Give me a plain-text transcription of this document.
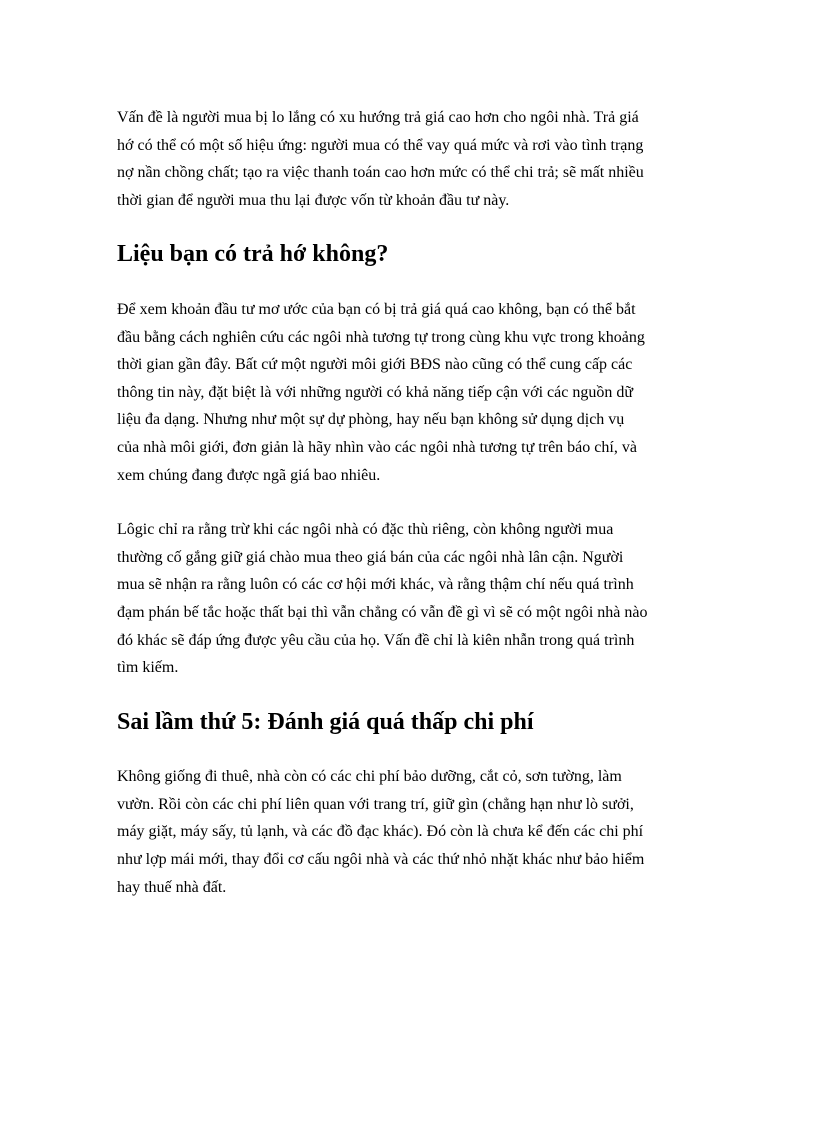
Vấn đề là người mua bị lo lắng có xu hướng trả giá cao hơn cho ngôi nhà. Trả giá
hớ có thể có một số hiệu ứng: người mua có thể vay quá mức và rơi vào tình trạng
nợ nần chồng chất; tạo ra việc thanh toán cao hơn mức có thể chi trả; sẽ mất nhiều
thời gian để người mua thu lại được vốn từ khoản đầu tư này.

Liệu bạn có trả hớ không?

Để xem khoản đầu tư mơ ước của bạn có bị trả giá quá cao không, bạn có thể bắt
đầu bằng cách nghiên cứu các ngôi nhà tương tự trong cùng khu vực trong khoảng
thời gian gần đây. Bất cứ một người môi giới BĐS nào cũng có thể cung cấp các
thông tin này, đặt biệt là với những người có khả năng tiếp cận với các nguồn dữ
liệu đa dạng. Nhưng như một sự dự phòng, hay nếu bạn không sử dụng dịch vụ
của nhà môi giới, đơn giản là hãy nhìn vào các ngôi nhà tương tự trên báo chí, và
xem chúng đang được ngã giá bao nhiêu.

Lôgic chỉ ra rằng trừ khi các ngôi nhà có đặc thù riêng, còn không người mua
thường cố gắng giữ giá chào mua theo giá bán của các ngôi nhà lân cận. Người
mua sẽ nhận ra rằng luôn có các cơ hội mới khác, và rằng thậm chí nếu quá trình
đạm phán bế tắc hoặc thất bại thì vẫn chẳng có vẫn đề gì vì sẽ có một ngôi nhà nào
đó khác sẽ đáp ứng được yêu cầu của họ. Vấn đề chỉ là kiên nhẫn trong quá trình
tìm kiếm.

Sai lầm thứ 5: Đánh giá quá thấp chi phí

Không giống đi thuê, nhà còn có các chi phí bảo dưỡng, cắt cỏ, sơn tường, làm
vườn. Rồi còn các chi phí liên quan với trang trí, giữ gìn (chẳng hạn như lò sưởi,
máy giặt, máy sấy, tủ lạnh, và các đồ đạc khác). Đó còn là chưa kể đến các chi phí
như lợp mái mới, thay đổi cơ cấu ngôi nhà và các thứ nhỏ nhặt khác như bảo hiểm
hay thuế nhà đất.
